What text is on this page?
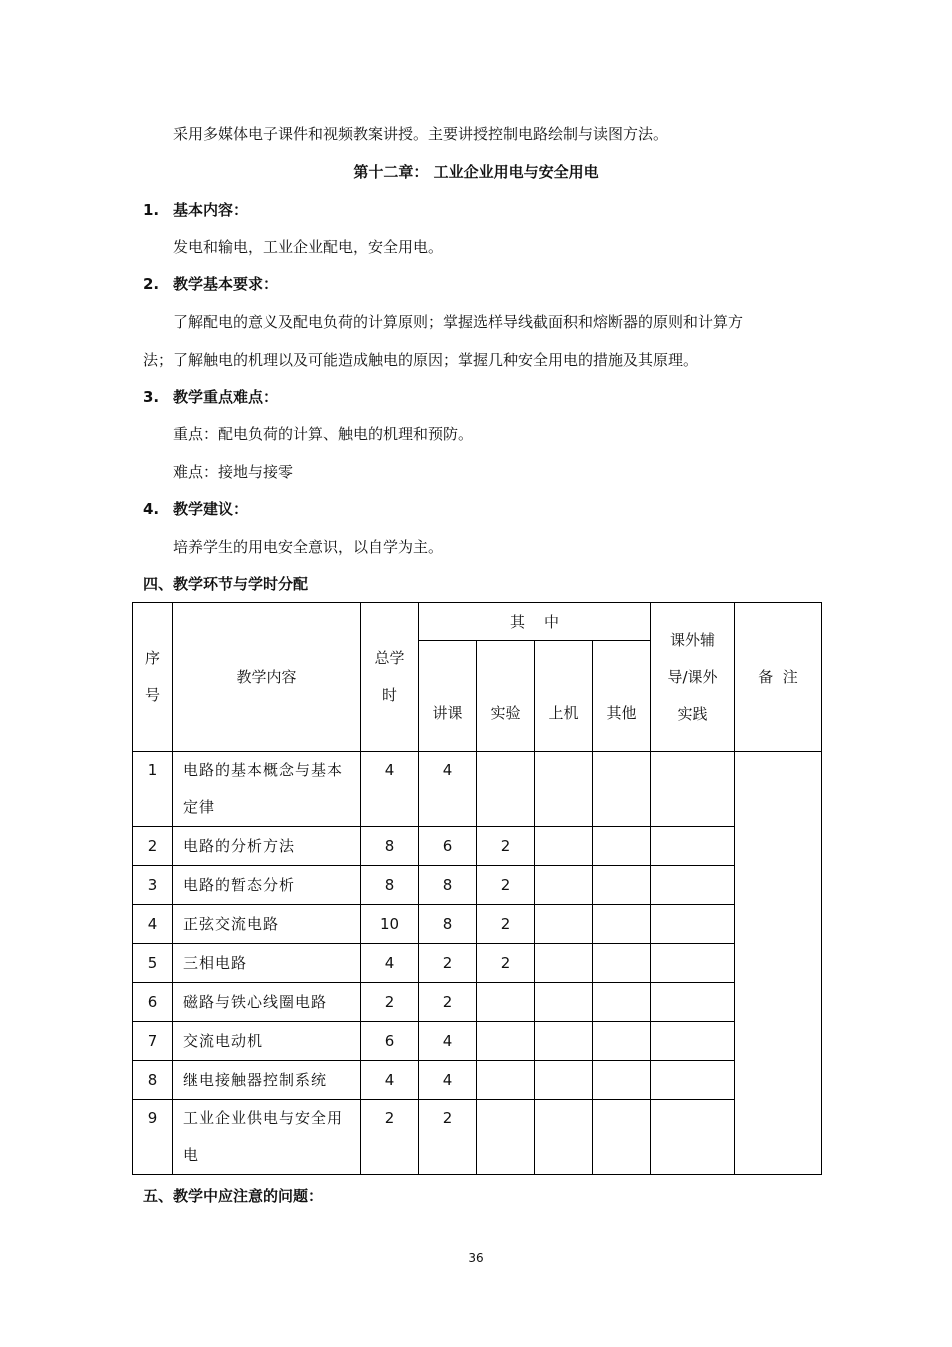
采用多媒体电子课件和视频教案讲授。主要讲授控制电路绘制与读图方法。
第十二章： 工业企业用电与安全用电
1. 基本内容：
发电和输电，工业企业配电，安全用电。
2. 教学基本要求：
了解配电的意义及配电负荷的计算原则；掌握选样导线截面积和熔断器的原则和计算方
法；了解触电的机理以及可能造成触电的原因；掌握几种安全用电的措施及其原理。
3. 教学重点难点：
重点：配电负荷的计算、触电的机理和预防。
难点：接地与接零
4. 教学建议：
培养学生的用电安全意识，以自学为主。
四、教学环节与学时分配
序号	教学内容	总学时	其    中				课外辅导/课外实践	备  注
			讲课	实验	上机	其他		
1	电路的基本概念与基本定律	4	4					
2	电路的分析方法	8	6	2				
3	电路的暂态分析	8	8	2				
4	正弦交流电路	10	8	2				
5	三相电路	4	2	2				
6	磁路与铁心线圈电路	2	2					
7	交流电动机	6	4					
8	继电接触器控制系统	4	4					
9	工业企业供电与安全用电	2	2					
五、教学中应注意的问题：
36
